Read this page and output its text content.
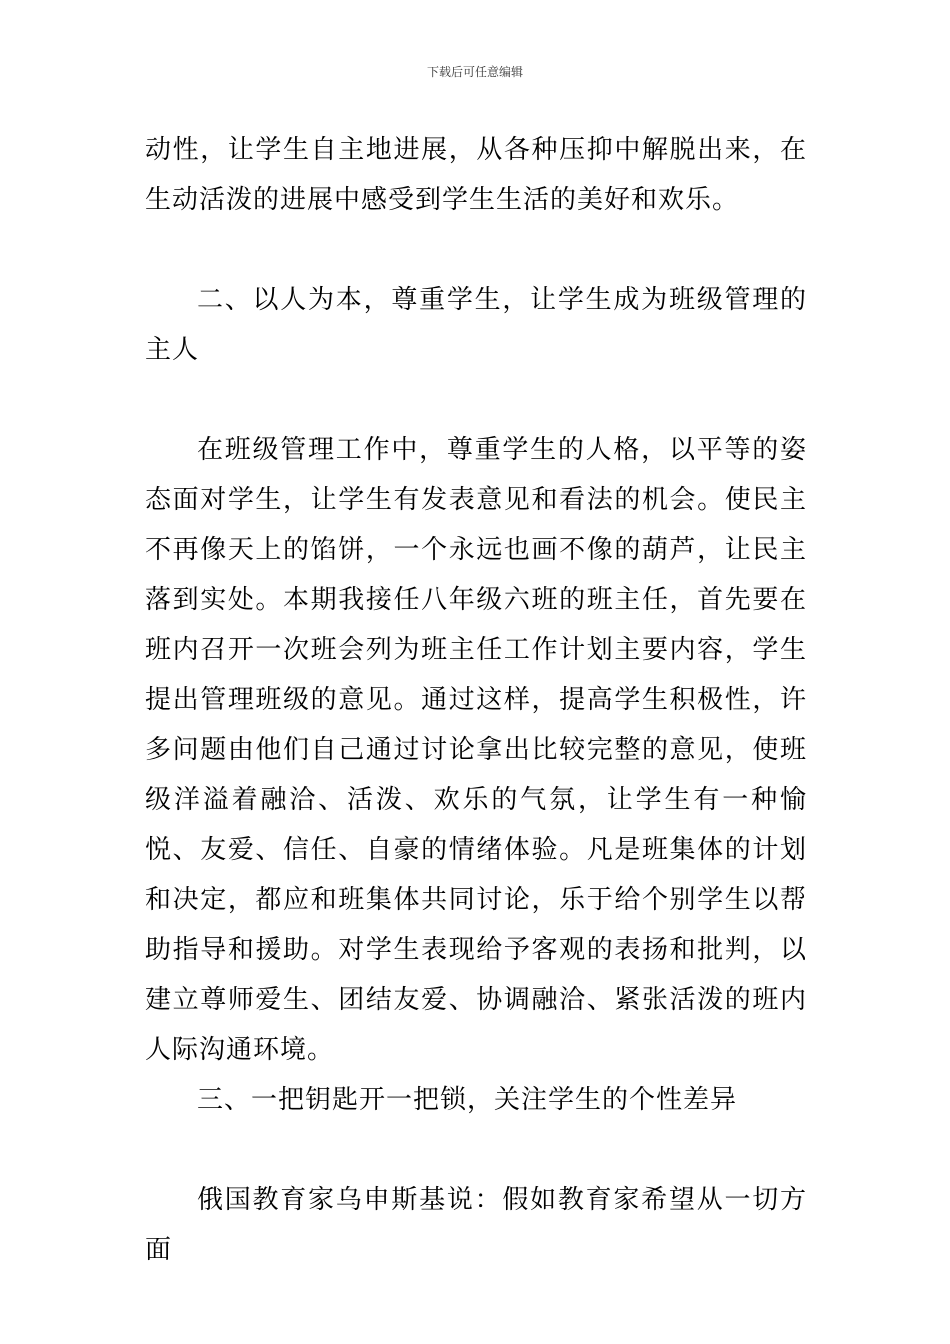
下载后可任意编辑

动性，让学生自主地进展，从各种压抑中解脱出来，在生动活泼的进展中感受到学生生活的美好和欢乐。

二、以人为本，尊重学生，让学生成为班级管理的主人

在班级管理工作中，尊重学生的人格，以平等的姿态面对学生，让学生有发表意见和看法的机会。使民主不再像天上的馅饼，一个永远也画不像的葫芦，让民主落到实处。本期我接任八年级六班的班主任，首先要在班内召开一次班会列为班主任工作计划主要内容，学生提出管理班级的意见。通过这样，提高学生积极性，许多问题由他们自己通过讨论拿出比较完整的意见，使班级洋溢着融洽、活泼、欢乐的气氛，让学生有一种愉悦、友爱、信任、自豪的情绪体验。凡是班集体的计划和决定，都应和班集体共同讨论，乐于给个别学生以帮助指导和援助。对学生表现给予客观的表扬和批判，以建立尊师爱生、团结友爱、协调融洽、紧张活泼的班内人际沟通环境。

三、一把钥匙开一把锁，关注学生的个性差异

俄国教育家乌申斯基说：假如教育家希望从一切方面
